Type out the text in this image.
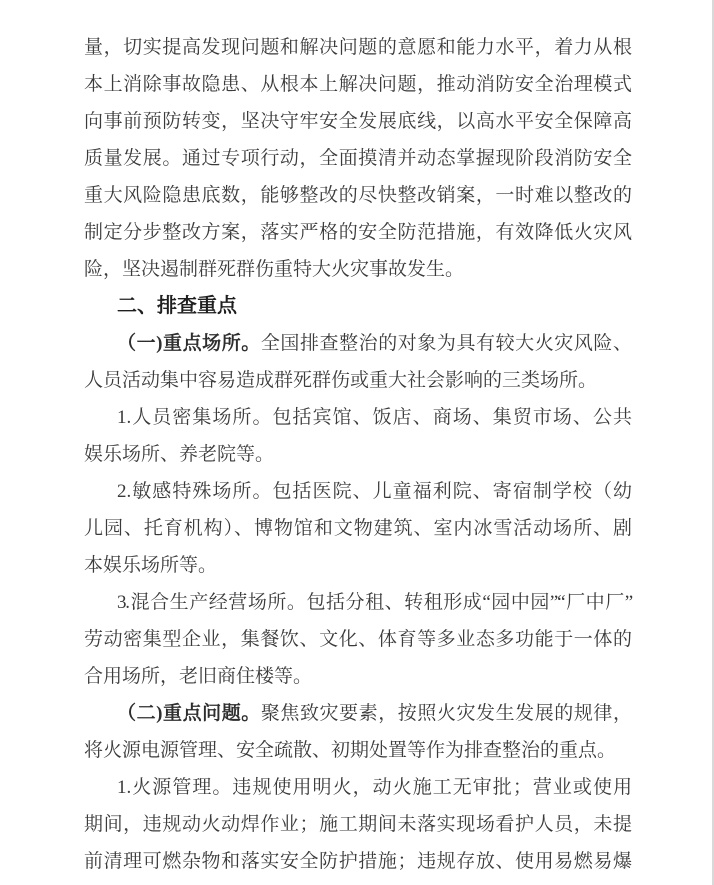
量，切实提高发现问题和解决问题的意愿和能力水平，着力从根
本上消除事故隐患、从根本上解决问题，推动消防安全治理模式
向事前预防转变，坚决守牢安全发展底线，以高水平安全保障高
质量发展。通过专项行动，全面摸清并动态掌握现阶段消防安全
重大风险隐患底数，能够整改的尽快整改销案，一时难以整改的
制定分步整改方案，落实严格的安全防范措施，有效降低火灾风
险，坚决遏制群死群伤重特大火灾事故发生。
二、排查重点
（一)重点场所。全国排查整治的对象为具有较大火灾风险、
人员活动集中容易造成群死群伤或重大社会影响的三类场所。
1.人员密集场所。包括宾馆、饭店、商场、集贸市场、公共
娱乐场所、养老院等。
2.敏感特殊场所。包括医院、儿童福利院、寄宿制学校（幼
儿园、托育机构）、博物馆和文物建筑、室内冰雪活动场所、剧
本娱乐场所等。
3.混合生产经营场所。包括分租、转租形成“园中园”“厂中厂”
劳动密集型企业，集餐饮、文化、体育等多业态多功能于一体的
合用场所，老旧商住楼等。
（二)重点问题。聚焦致灾要素，按照火灾发生发展的规律，
将火源电源管理、安全疏散、初期处置等作为排查整治的重点。
1.火源管理。违规使用明火，动火施工无审批；营业或使用
期间，违规动火动焊作业；施工期间未落实现场看护人员，未提
前清理可燃杂物和落实安全防护措施；违规存放、使用易燃易爆
